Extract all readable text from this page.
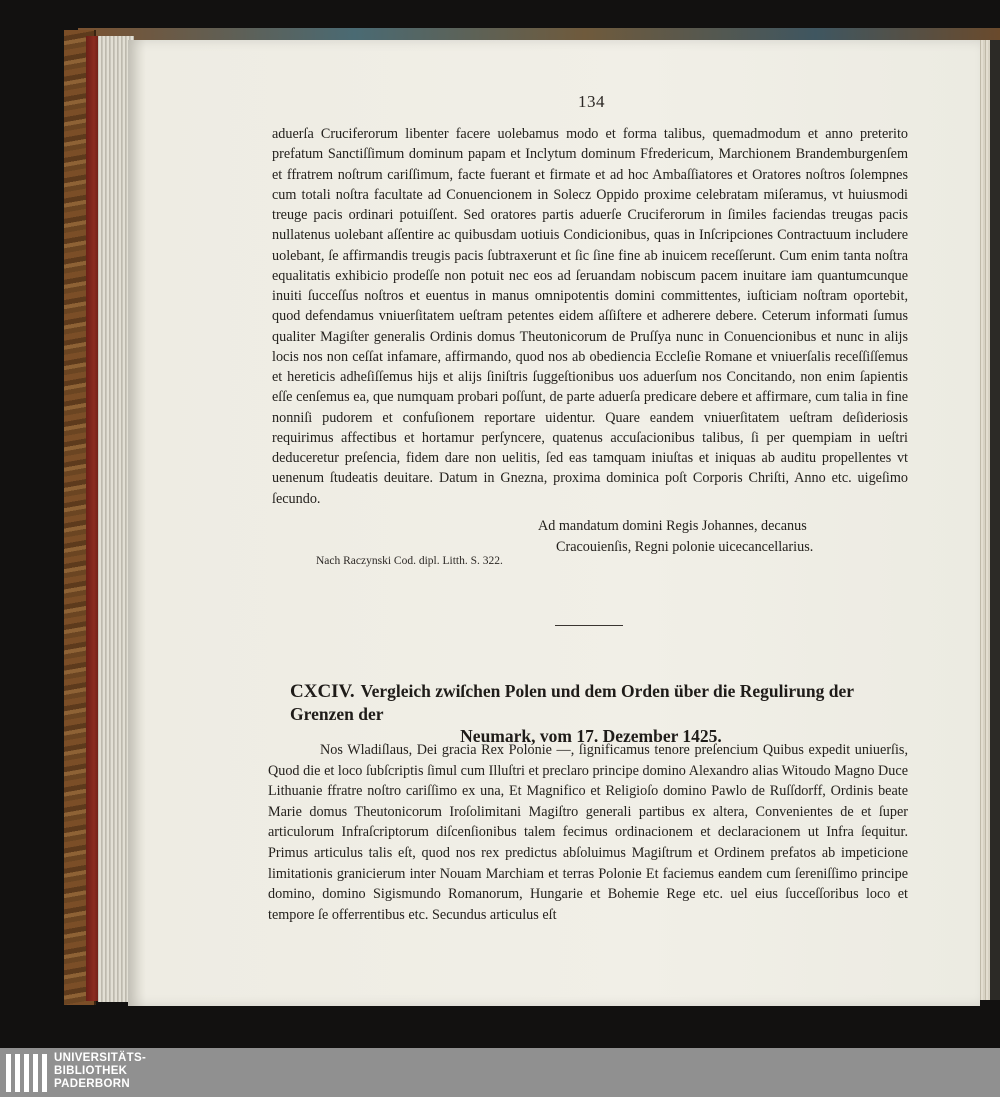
134

aduerſa Cruciferorum libenter facere uolebamus modo et forma talibus, quemadmodum et anno preterito prefatum Sanctiſſimum dominum papam et Inclytum dominum Ffredericum, Marchionem Brandemburgenſem et ffratrem noſtrum cariſſimum, facte fuerant et firmate et ad hoc Ambaſſiatores et Oratores noſtros ſolempnes cum totali noſtra facultate ad Conuencionem in Solecz Oppido proxime celebratam miſeramus, vt huiusmodi treuge pacis ordinari potuiſſent. Sed oratores partis aduerſe Cruciferorum in ſimiles faciendas treugas pacis nullatenus uolebant aſſentire ac quibusdam uotiuis Condicionibus, quas in Inſcripciones Contractuum includere uolebant, ſe affirmandis treugis pacis ſubtraxerunt et ſic ſine fine ab inuicem receſſerunt. Cum enim tanta noſtra equalitatis exhibicio prodeſſe non potuit nec eos ad ſeruandam nobiscum pacem inuitare iam quantumcunque inuiti ſucceſſus noſtros et euentus in manus omnipotentis domini committentes, iuſticiam noſtram oportebit, quod defendamus vniuerſitatem ueſtram petentes eidem aſſiſtere et adherere debere. Ceterum informati ſumus qualiter Magiſter generalis Ordinis domus Theutonicorum de Pruſſya nunc in Conuencionibus et nunc in alijs locis nos non ceſſat infamare, affirmando, quod nos ab obediencia Eccleſie Romane et vniuerſalis receſſiſſemus et hereticis adheſiſſemus hijs et alijs ſiniſtris ſuggeſtionibus uos aduerſum nos Concitando, non enim ſapientis eſſe cenſemus ea, que numquam probari poſſunt, de parte aduerſa predicare debere et affirmare, cum talia in fine nonniſi pudorem et confuſionem reportare uidentur. Quare eandem vniuerſitatem ueſtram deſideriosis requirimus affectibus et hortamur perſyncere, quatenus accuſacionibus talibus, ſi per quempiam in ueſtri deduceretur preſencia, fidem dare non uelitis, ſed eas tamquam iniuſtas et iniquas ab auditu propellentes vt uenenum ſtudeatis deuitare. Datum in Gnezna, proxima dominica poſt Corporis Chriſti, Anno etc. uigeſimo ſecundo.

Ad mandatum domini Regis Johannes, decanus
Cracouienſis, Regni polonie uicecancellarius.
Nach Raczynski Cod. dipl. Litth. S. 322.
CXCIV. Vergleich zwiſchen Polen und dem Orden über die Regulirung der Grenzen der
Neumark, vom 17. Dezember 1425.

Nos Wladiſlaus, Dei gracia Rex Polonie —, ſignificamus tenore preſencium Quibus expedit uniuerſis, Quod die et loco ſubſcriptis ſimul cum Illuſtri et preclaro principe domino Alexandro alias Witoudo Magno Duce Lithuanie ffratre noſtro cariſſimo ex una, Et Magnifico et Religioſo domino Pawlo de Ruſſdorff, Ordinis beate Marie domus Theutonicorum Iroſolimitani Magiſtro generali partibus ex altera, Convenientes de et ſuper articulorum Infraſcriptorum diſcenſionibus talem fecimus ordinacionem et declaracionem ut Infra ſequitur. Primus articulus talis eſt, quod nos rex predictus abſoluimus Magiſtrum et Ordinem prefatos ab impeticione limitationis granicierum inter Nouam Marchiam et terras Polonie Et faciemus eandem cum ſereniſſimo principe domino, domino Sigismundo Romanorum, Hungarie et Bohemie Rege etc. uel eius ſucceſſoribus loco et tempore ſe offerrentibus etc. Secundus articulus eſt

UNIVERSITÄTS-
BIBLIOTHEK
PADERBORN
